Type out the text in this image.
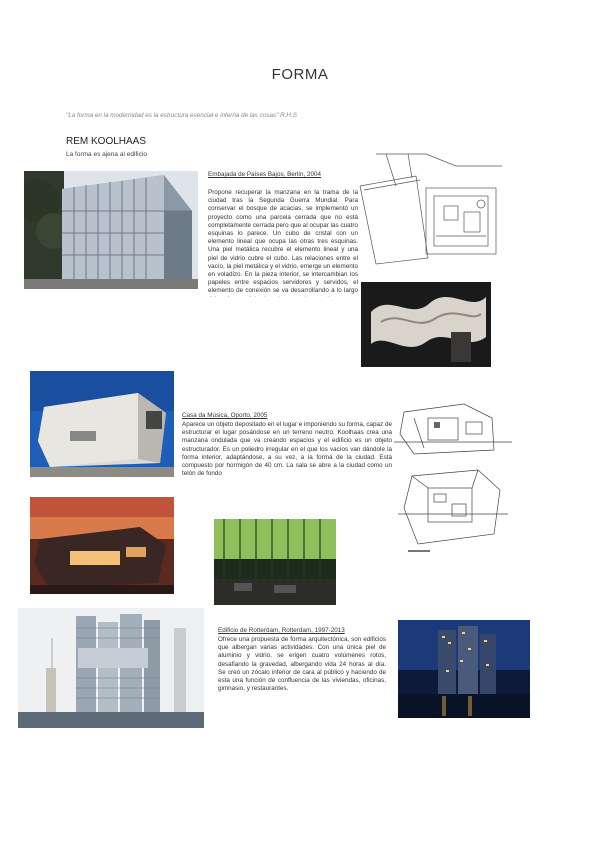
FORMA
"La forma en la modernidad es la estructura esencial e interna de las cosas" R.H.S
REM KOOLHAAS
La forma es ajena al edificio
Embajada de Países Bajos, Berlín, 2004
Propone recuperar la manzana en la trama de la ciudad tras la Segunda Guerra Mundial. Para conservar el bosque de acacias, se implementó un proyecto como una parcela cerrada que no está completamente cerrada pero que al ocupar las cuatro esquinas lo parece. Un cubo de cristal con un elemento lineal que ocupa las otras tres esquinas. Una piel metálica recubre el elemento lineal y una piel de vidrio cubre el cubo. Las relaciones entre el vacío, la piel metálica y el vidrio, emerge un elemento en voladizo. En la pieza interior, se intercambian los papeles entre espacios servidores y servidos, el elemento de conexión se va desarrollando a lo largo
Casa da Música, Oporto, 2005
Aparece un objeto depositado en el lugar e imponiendo su forma, capaz de estructurar el lugar posándose en un terreno neutro. Koolhaas crea una manzana ondulada que va creando espacios y el edificio es un objeto estructurador. Es un poliedro irregular en el que los vacíos van dándole la forma interior, adaptándose, a su vez, a la forma de la ciudad. Está compuesto por hormigón de 40 cm. La sala se abre a la ciudad como un telón de fondo
Edificio de Rotterdam, Rotterdam, 1997-2013
Ofrece una propuesta de forma arquitectónica, son edificios que albergan varias actividades. Con una única piel de aluminio y vidrio, se erigen cuatro volúmenes rotos, desafiando la gravedad, albergando vida 24 horas al día. Se creó un zócalo inferior de cara al público y haciendo de esta una función de confluencia de las viviendas, oficinas, gimnasio, y restaurantes.
